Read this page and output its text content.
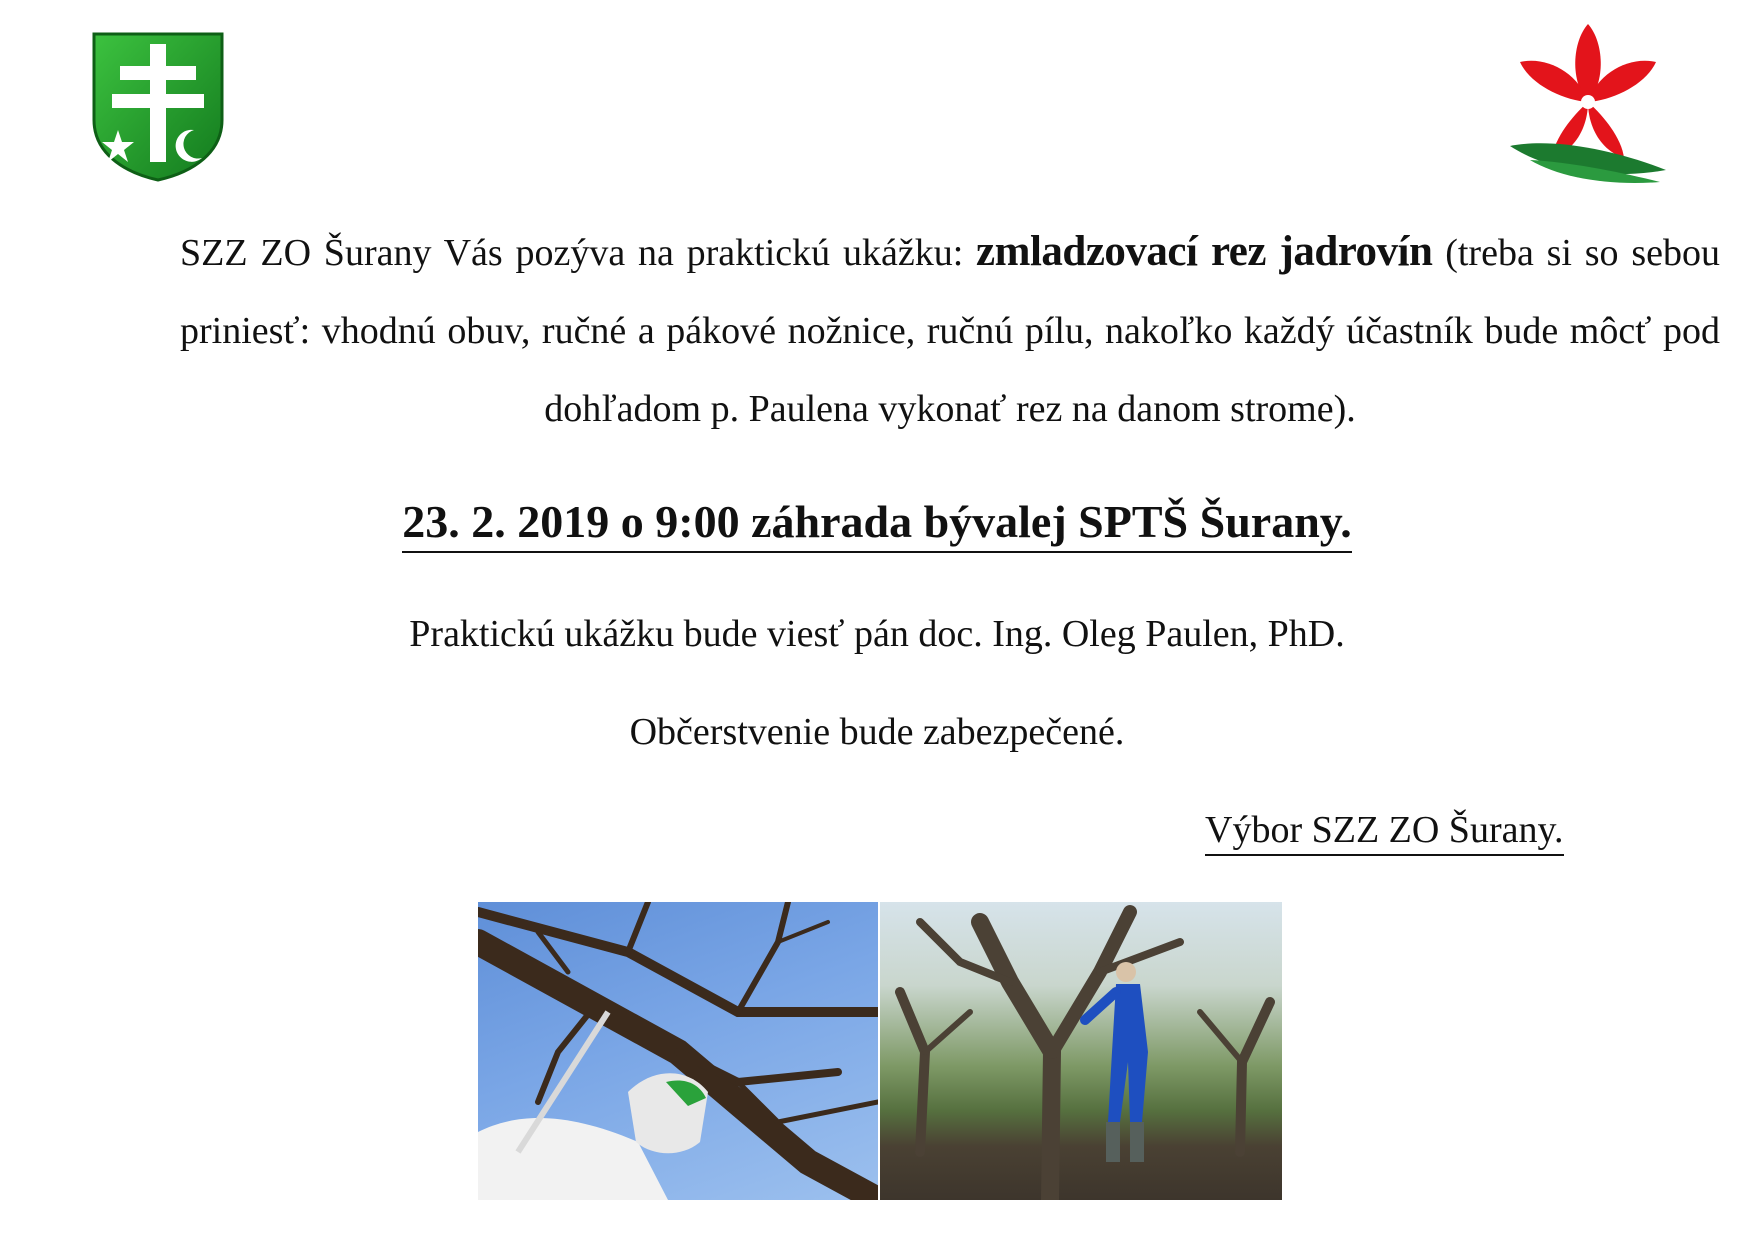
SZZ ZO Šurany Vás pozýva na praktickú ukážku: zmladzovací rez jadrovín (treba si so sebou priniesť: vhodnú obuv, ručné a pákové nožnice, ručnú pílu, nakoľko každý účastník bude môcť pod dohľadom p. Paulena vykonať rez na danom strome).
23. 2. 2019 o 9:00 záhrada bývalej SPTŠ Šurany.
Praktickú ukážku bude viesť pán doc. Ing. Oleg Paulen, PhD.
Občerstvenie bude zabezpečené.
Výbor SZZ ZO Šurany.
